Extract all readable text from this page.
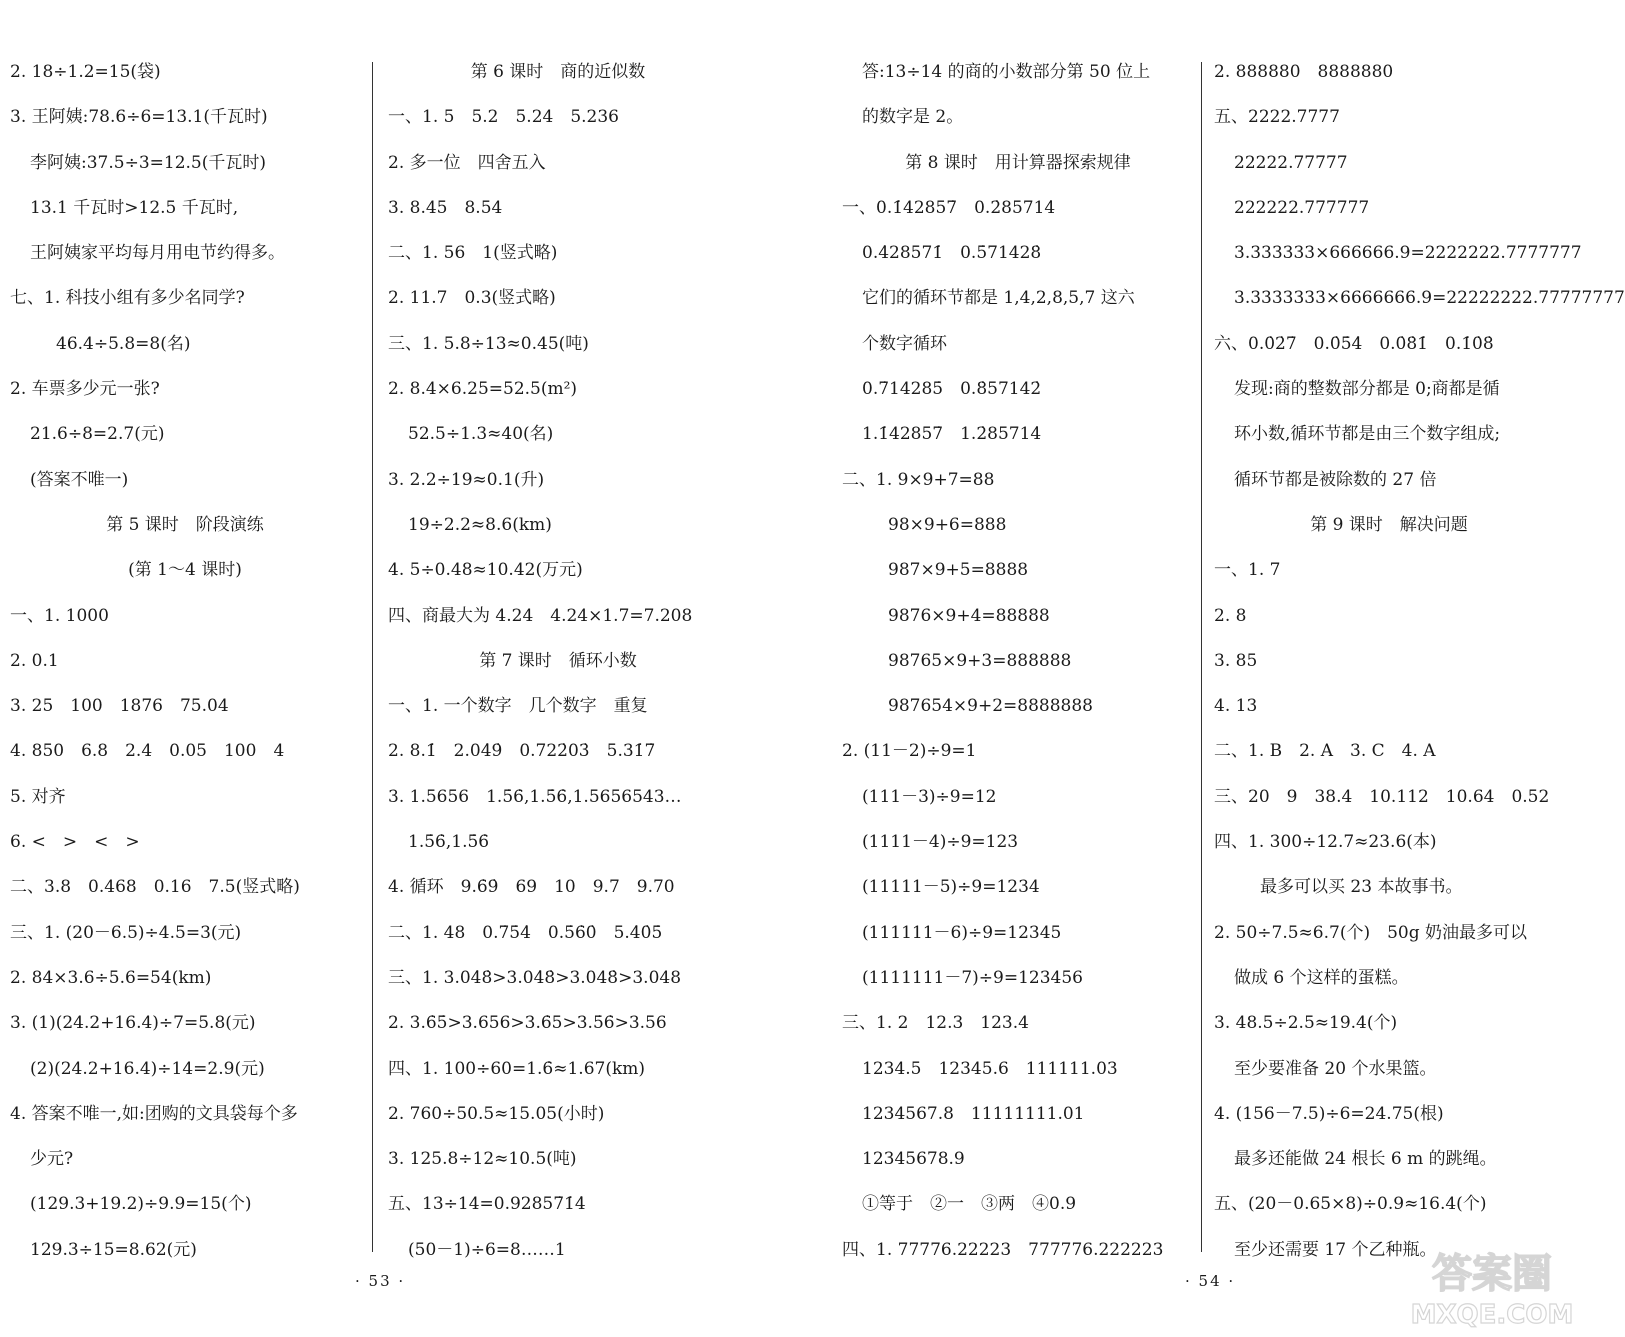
2. 18÷1.2=15(袋)
3. 王阿姨:78.6÷6=13.1(千瓦时)
李阿姨:37.5÷3=12.5(千瓦时)
13.1 千瓦时>12.5 千瓦时,
王阿姨家平均每月用电节约得多。
七、1. 科技小组有多少名同学?
46.4÷5.8=8(名)
2. 车票多少元一张?
21.6÷8=2.7(元)
(答案不唯一)
第 5 课时　阶段演练
(第 1～4 课时)
一、1. 1000
2. 0.1
3. 25　100　1876　75.04
4. 850　6.8　2.4　0.05　100　4
5. 对齐
6. <　>　<　>
二、3.8　0.468　0.16　7.5(竖式略)
三、1. (20－6.5)÷4.5=3(元)
2. 84×3.6÷5.6=54(km)
3. (1)(24.2+16.4)÷7=5.8(元)
(2)(24.2+16.4)÷14=2.9(元)
4. 答案不唯一,如:团购的文具袋每个多
少元?
(129.3+19.2)÷9.9=15(个)
129.3÷15=8.62(元)
第 6 课时　商的近似数
一、1. 5　5.2　5.24　5.236
2. 多一位　四舍五入
3. 8.45　8.54
二、1. 56　1(竖式略)
2. 11.7　0.3(竖式略)
三、1. 5.8÷13≈0.45(吨)
2. 8.4×6.25=52.5(m²)
52.5÷1.3≈40(名)
3. 2.2÷19≈0.1(升)
19÷2.2≈8.6(km)
4. 5÷0.48≈10.42(万元)
四、商最大为 4.24　4.24×1.7=7.208
第 7 课时　循环小数
一、1. 一个数字　几个数字　重复
2. 8.1̇　2.04̇9̇　0.722̇03̇　5.31̇7̇
3. 1.5656　1.5̇6̇,1.5̇6̇,1.5656543…
1.5̇6̇,1.5̇6̇
4. 循环　9.6̇9̇　69　10　9.7　9.70
二、1. 48　0.7̇5̇4̇　0.5̇6̇0̇　5.4̇0̇5̇
三、1. 3.04̇8̇>3.04̇8̇>3.048̇>3.048
2. 3.6̇5̇>3.656>3.6̇5>3.5̇6̇>3.56
四、1. 100÷60=1.6̇≈1.67(km)
2. 760÷50.5≈15.05(小时)
3. 125.8÷12≈10.5(吨)
五、13÷14=0.92857̇1̇4̇
(50－1)÷6=8……1
· 53 ·
答:13÷14 的商的小数部分第 50 位上
的数字是 2。
第 8 课时　用计算器探索规律
一、0.1̇42857̇　0.2̇85714̇
0.4̇28571̇　0.5̇71428̇
它们的循环节都是 1,4,2,8,5,7 这六
个数字循环
0.7̇14285̇　0.8̇57142̇
1.1̇42857̇　1.2̇85714̇
二、1. 9×9+7=88
98×9+6=888
987×9+5=8888
9876×9+4=88888
98765×9+3=888888
987654×9+2=8888888
2. (11－2)÷9=1
(111－3)÷9=12
(1111－4)÷9=123
(11111－5)÷9=1234
(111111－6)÷9=12345
(1111111－7)÷9=123456
三、1. 2　12.3　123.4
1234.5　12345.6　111111.03
1234567.8　11111111.01
12345678.9
①等于　②一　③两　④0.9
四、1. 77776.22223　777776.222223
2. 888880　8888880
五、2222.7777
22222.77777
222222.777777
3.333333×666666.9=2222222.7777777
3.3333333×6666666.9=22222222.77777777
六、0.0̇2̇7̇　0.0̇5̇4̇　0.0̇8̇1̇　0.1̇0̇8̇
发现:商的整数部分都是 0;商都是循
环小数,循环节都是由三个数字组成;
循环节都是被除数的 27 倍
第 9 课时　解决问题
一、1. 7
2. 8
3. 85
4. 13
二、1. B　2. A　3. C　4. A
三、20　9　38.4　10.112　10.64　0.52
四、1. 300÷12.7≈23.6(本)
最多可以买 23 本故事书。
2. 50÷7.5≈6.7(个)　50g 奶油最多可以
做成 6 个这样的蛋糕。
3. 48.5÷2.5≈19.4(个)
至少要准备 20 个水果篮。
4. (156－7.5)÷6=24.75(根)
最多还能做 24 根长 6 m 的跳绳。
五、(20－0.65×8)÷0.9≈16.4(个)
至少还需要 17 个乙种瓶。
· 54 ·	答案圈
MXQE.COM
